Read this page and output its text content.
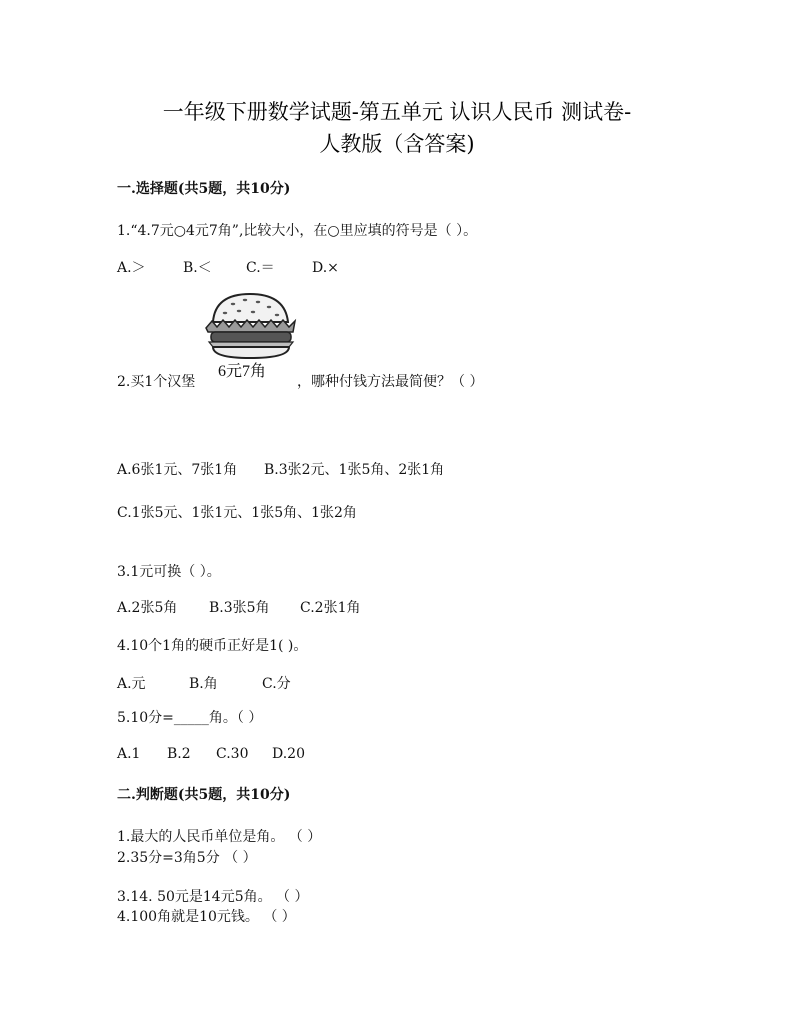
一年级下册数学试题-第五单元 认识人民币 测试卷-
人教版（含答案)
一.选择题(共5题，共10分)
1.“4.7元○4元7角”,比较大小，在○里应填的符号是（ ）。
A.＞	B.＜ C.＝	D.×
6元7角
2.买1个汉堡	，哪种付钱方法最简便？（ ）
A.6张1元、7张1角 B.3张2元、1张5角、2张1角
C.1张5元、1张1元、1张5角、1张2角
3.1元可换（ ）。
A.2张5角 B.3张5角 C.2张1角
4.10个1角的硬币正好是1( )。
A.元	B.角	C.分
5.10分=_____角。（ ）
A.1 B.2 C.30 D.20
二.判断题(共5题，共10分)
1.最大的人民币单位是角。 （ ）
2.35分=3角5分 （ ）
3.14. 50元是14元5角。 （ ）
4.100角就是10元钱。 （ ）
